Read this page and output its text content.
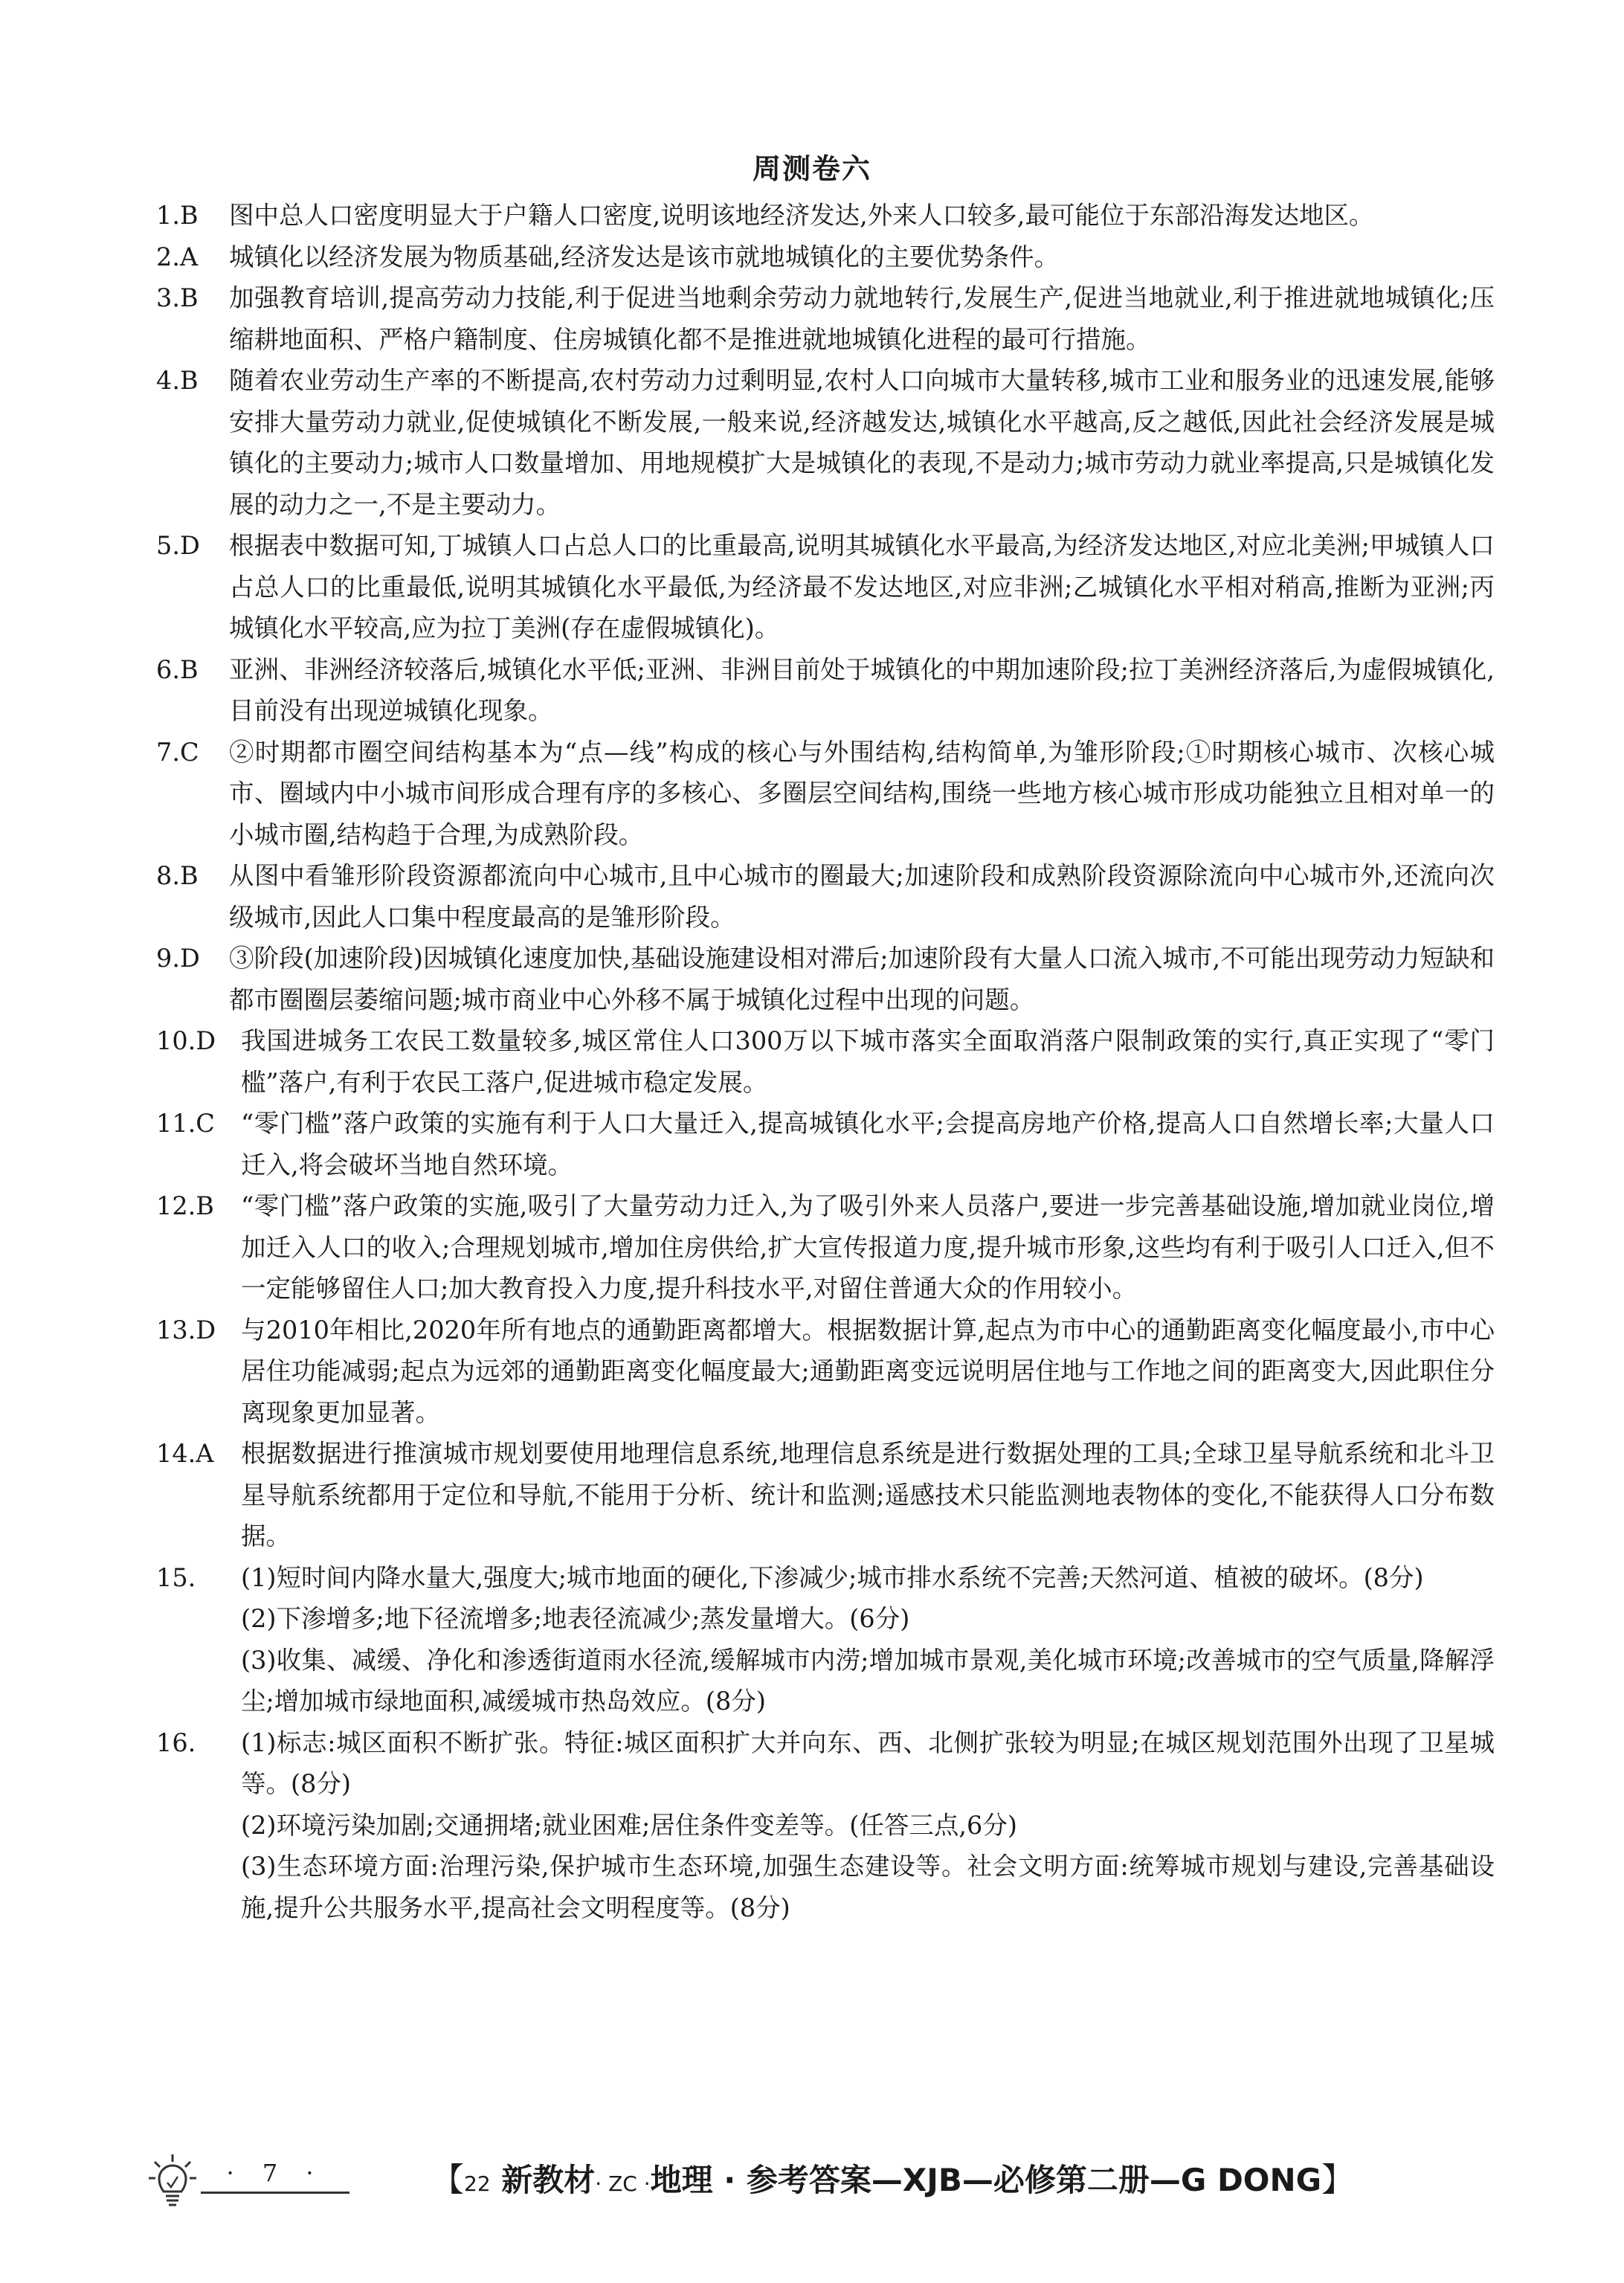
周测卷六
1.B 图中总人口密度明显大于户籍人口密度,说明该地经济发达,外来人口较多,最可能位于东部沿海发达地区。

2.A 城镇化以经济发展为物质基础,经济发达是该市就地城镇化的主要优势条件。

3.B 加强教育培训,提高劳动力技能,利于促进当地剩余劳动力就地转行,发展生产,促进当地就业,利于推进就地城镇化;压缩耕地面积、严格户籍制度、住房城镇化都不是推进就地城镇化进程的最可行措施。

4.B 随着农业劳动生产率的不断提高,农村劳动力过剩明显,农村人口向城市大量转移,城市工业和服务业的迅速发展,能够安排大量劳动力就业,促使城镇化不断发展,一般来说,经济越发达,城镇化水平越高,反之越低,因此社会经济发展是城镇化的主要动力;城市人口数量增加、用地规模扩大是城镇化的表现,不是动力;城市劳动力就业率提高,只是城镇化发展的动力之一,不是主要动力。

5.D 根据表中数据可知,丁城镇人口占总人口的比重最高,说明其城镇化水平最高,为经济发达地区,对应北美洲;甲城镇人口占总人口的比重最低,说明其城镇化水平最低,为经济最不发达地区,对应非洲;乙城镇化水平相对稍高,推断为亚洲;丙城镇化水平较高,应为拉丁美洲(存在虚假城镇化)。

6.B 亚洲、非洲经济较落后,城镇化水平低;亚洲、非洲目前处于城镇化的中期加速阶段;拉丁美洲经济落后,为虚假城镇化,目前没有出现逆城镇化现象。

7.C ②时期都市圈空间结构基本为“点—线”构成的核心与外围结构,结构简单,为雏形阶段;①时期核心城市、次核心城市、圈域内中小城市间形成合理有序的多核心、多圈层空间结构,围绕一些地方核心城市形成功能独立且相对单一的小城市圈,结构趋于合理,为成熟阶段。

8.B 从图中看雏形阶段资源都流向中心城市,且中心城市的圈最大;加速阶段和成熟阶段资源除流向中心城市外,还流向次级城市,因此人口集中程度最高的是雏形阶段。

9.D ③阶段(加速阶段)因城镇化速度加快,基础设施建设相对滞后;加速阶段有大量人口流入城市,不可能出现劳动力短缺和都市圈圈层萎缩问题;城市商业中心外移不属于城镇化过程中出现的问题。

10.D 我国进城务工农民工数量较多,城区常住人口300万以下城市落实全面取消落户限制政策的实行,真正实现了“零门槛”落户,有利于农民工落户,促进城市稳定发展。

11.C “零门槛”落户政策的实施有利于人口大量迁入,提高城镇化水平;会提高房地产价格,提高人口自然增长率;大量人口迁入,将会破坏当地自然环境。

12.B “零门槛”落户政策的实施,吸引了大量劳动力迁入,为了吸引外来人员落户,要进一步完善基础设施,增加就业岗位,增加迁入人口的收入;合理规划城市,增加住房供给,扩大宣传报道力度,提升城市形象,这些均有利于吸引人口迁入,但不一定能够留住人口;加大教育投入力度,提升科技水平,对留住普通大众的作用较小。

13.D 与2010年相比,2020年所有地点的通勤距离都增大。根据数据计算,起点为市中心的通勤距离变化幅度最小,市中心居住功能减弱;起点为远郊的通勤距离变化幅度最大;通勤距离变远说明居住地与工作地之间的距离变大,因此职住分离现象更加显著。

14.A 根据数据进行推演城市规划要使用地理信息系统,地理信息系统是进行数据处理的工具;全球卫星导航系统和北斗卫星导航系统都用于定位和导航,不能用于分析、统计和监测;遥感技术只能监测地表物体的变化,不能获得人口分布数据。

15. (1)短时间内降水量大,强度大;城市地面的硬化,下渗减少;城市排水系统不完善;天然河道、植被的破坏。(8分)
(2)下渗增多;地下径流增多;地表径流减少;蒸发量增大。(6分)
(3)收集、减缓、净化和渗透街道雨水径流,缓解城市内涝;增加城市景观,美化城市环境;改善城市的空气质量,降解浮尘;增加城市绿地面积,减缓城市热岛效应。(8分)
16. (1)标志:城区面积不断扩张。特征:城区面积扩大并向东、西、北侧扩张较为明显;在城区规划范围外出现了卫星城等。(8分)
(2)环境污染加剧;交通拥堵;就业困难;居住条件变差等。(任答三点,6分)
(3)生态环境方面:治理污染,保护城市生态环境,加强生态建设等。社会文明方面:统筹城市规划与建设,完善基础设施,提升公共服务水平,提高社会文明程度等。(8分)
· 7 ·	【22 新教材· ZC ·地理 · 参考答案—XJB—必修第二册—G DONG】
